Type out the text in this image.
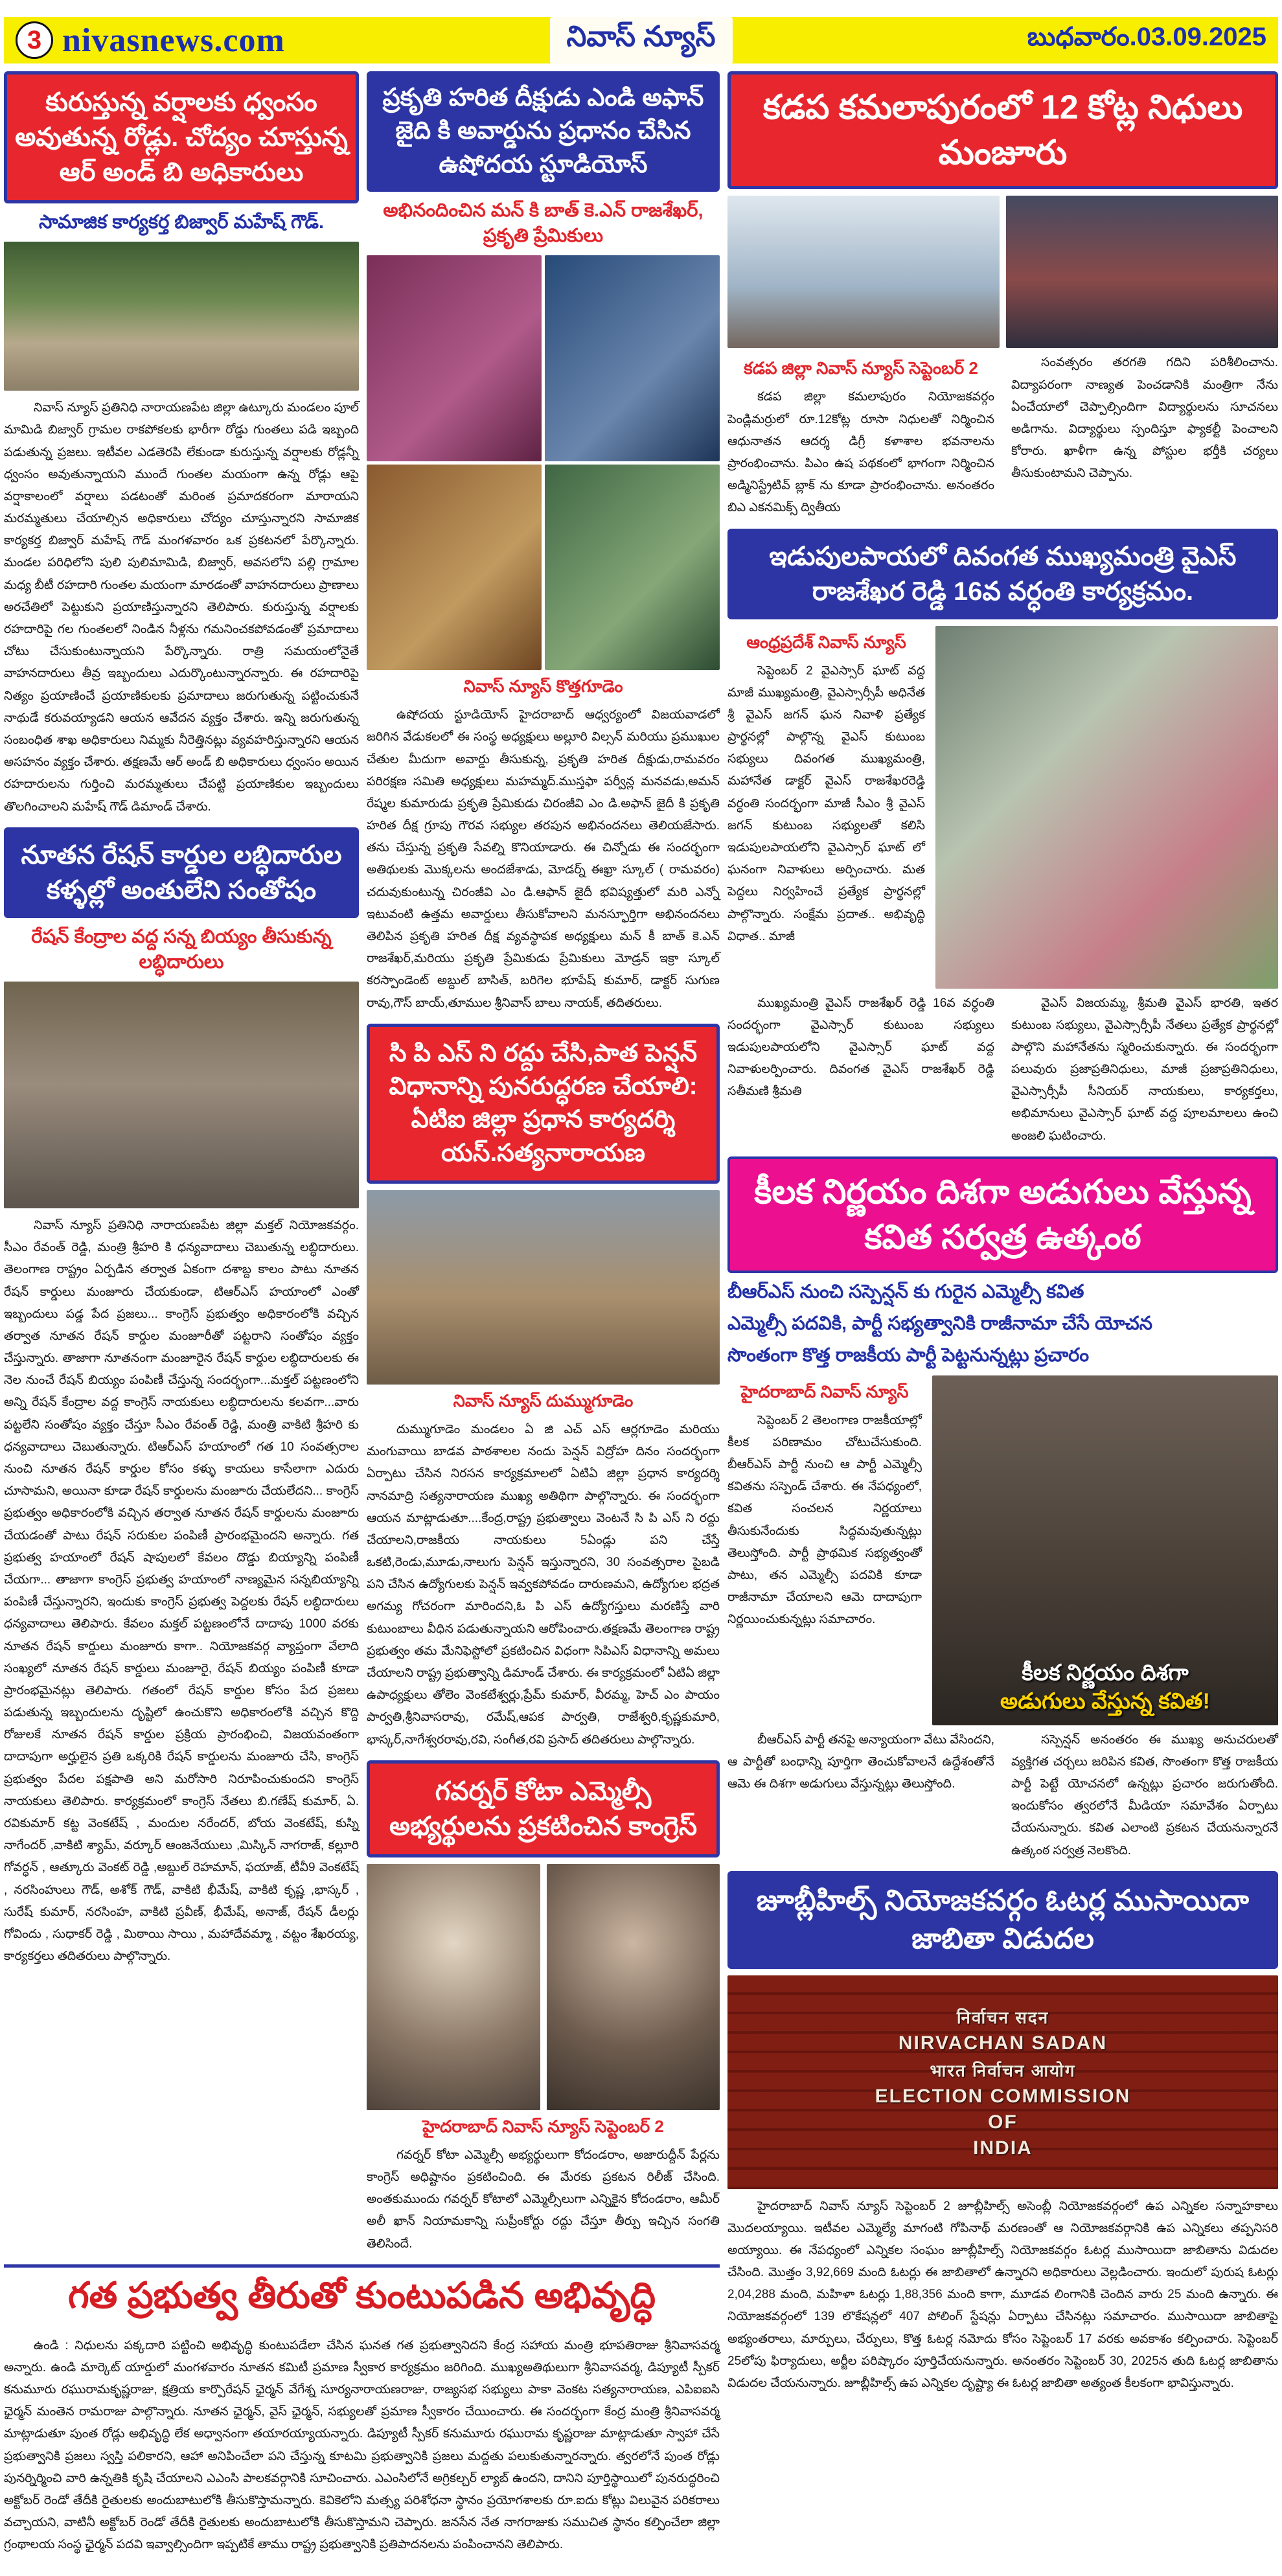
3 nivasnews.com	నివాస్ న్యూస్	బుధవారం.03.09.2025
కురుస్తున్న వర్షాలకు ధ్వంసం అవుతున్న రోడ్లు. చోద్యం చూస్తున్న ఆర్ అండ్ బి అధికారులు
సామాజిక కార్యకర్త బిజ్వార్ మహేష్ గౌడ్.

నివాస్ న్యూస్ ప్రతినిధి నారాయణపేట జిల్లా ఉట్కూరు మండలం పూల్ మామిడి బిజ్వార్ గ్రామల రాకపోకలకు భారీగా రోడ్డు గుంతలు పడి ఇబ్బంది పడుతున్న ప్రజలు. ఇటీవల ఎడతెరపి లేకుండా కురుస్తున్న వర్షాలకు రోడ్లన్నీ ధ్వంసం అవుతున్నాయని ముందే గుంతల మయంగా ఉన్న రోడ్లు ఆపై వర్షాకాలంలో వర్షాలు పడటంతో మరింత ప్రమాదకరంగా మారాయని మరమ్మతులు చేయాల్సిన అధికారులు చోద్యం చూస్తున్నారని సామాజిక కార్యకర్త బిజ్వార్ మహేష్ గౌడ్ మంగళవారం ఒక ప్రకటనలో పేర్కొన్నారు. మండల పరిధిలోని పులి పులిమామిడి, బిజ్వార్, అవసలోని పల్లి గ్రామాల మధ్య బీటీ రహదారి గుంతల మయంగా మారడంతో వాహనదారులు ప్రాణాలు అరచేతిలో పెట్టుకుని ప్రయాణిస్తున్నారని తెలిపారు. కురుస్తున్న వర్షాలకు రహదారిపై గల గుంతలలో నిండిన నీళ్లను గమనించకపోవడంతో ప్రమాదాలు చోటు చేసుకుంటున్నాయని పేర్కొన్నారు. రాత్రి సమయంలోనైతే వాహనదారులు తీవ్ర ఇబ్బందులు ఎదుర్కొంటున్నారన్నారు. ఈ రహదారిపై నిత్యం ప్రయాణించే ప్రయాణికులకు ప్రమాదాలు జరుగుతున్న పట్టించుకునే నాథుడే కరువయ్యాడని ఆయన ఆవేదన వ్యక్తం చేశారు. ఇన్ని జరుగుతున్న సంబంధిత శాఖ అధికారులు నిమ్మకు నీరెత్తినట్లు వ్యవహరిస్తున్నారని ఆయన అసహనం వ్యక్తం చేశారు. తక్షణమే ఆర్ అండ్ బి అధికారులు ధ్వంసం అయిన రహదారులను గుర్తించి మరమ్మతులు చేపట్టి ప్రయాణికుల ఇబ్బందులు తొలగించాలని మహేష్ గౌడ్ డిమాండ్ చేశారు.

నూతన రేషన్ కార్డుల లబ్ధిదారుల కళ్ళల్లో అంతులేని సంతోషం
రేషన్ కేంద్రాల వద్ద సన్న బియ్యం తీసుకున్న లబ్ధిదారులు

నివాస్ న్యూస్ ప్రతినిధి నారాయణపేట జిల్లా మక్తల్ నియోజకవర్గం. సీఎం రేవంత్ రెడ్డి, మంత్రి శ్రీహరి కి ధన్యవాదాలు చెబుతున్న లబ్ధిదారులు. తెలంగాణ రాష్ట్రం ఏర్పడిన తర్వాత ఏకంగా దశాబ్ద కాలం పాటు నూతన రేషన్ కార్డులు మంజూరు చేయకుండా, టిఆర్ఎస్ హయాంలో ఎంతో ఇబ్బందులు పడ్డ పేద ప్రజలు... కాంగ్రెస్ ప్రభుత్వం అధికారంలోకి వచ్చిన తర్వాత నూతన రేషన్ కార్డుల మంజూరీతో పట్టరాని సంతోషం వ్యక్తం చేస్తున్నారు. తాజాగా నూతనంగా మంజూరైన రేషన్ కార్డుల లబ్ధిదారులకు ఈ నెల నుంచే రేషన్ బియ్యం పంపిణీ చేస్తున్న సందర్భంగా...మక్తల్ పట్టణంలోని అన్ని రేషన్ కేంద్రాల వద్ద కాంగ్రెస్ నాయకులు లబ్ధిదారులను కలవగా...వారు పట్టలేని సంతోషం వ్యక్తం చేస్తూ సీఎం రేవంత్ రెడ్డి, మంత్రి వాకిటి శ్రీహరి కు ధన్యవాదాలు చెబుతున్నారు. టిఆర్ఎస్ హయాంలో గత 10 సంవత్సరాల నుంచి నూతన రేషన్ కార్డుల కోసం కళ్ళు కాయలు కాసేలాగా ఎదురు చూసామని, అయినా కూడా రేషన్ కార్డులను మంజూరు చేయలేదని... కాంగ్రెస్ ప్రభుత్వం అధికారంలోకి వచ్చిన తర్వాత నూతన రేషన్ కార్డులను మంజూరు చేయడంతో పాటు రేషన్ సరుకుల పంపిణీ ప్రారంభమైందని అన్నారు. గత ప్రభుత్వ హయాంలో రేషన్ షాపులలో కేవలం దొడ్డు బియ్యాన్ని పంపిణీ చేయగా... తాజాగా కాంగ్రెస్ ప్రభుత్వ హయాంలో నాణ్యమైన సన్నబియ్యాన్ని పంపిణీ చేస్తున్నారని, ఇందుకు కాంగ్రెస్ ప్రభుత్వ పెద్దలకు రేషన్ లబ్ధిదారులు ధన్యవాదాలు తెలిపారు. కేవలం మక్తల్ పట్టణంలోనే దాదాపు 1000 వరకు నూతన రేషన్ కార్డులు మంజూరు కాగా.. నియోజకవర్గ వ్యాప్తంగా వేలాది సంఖ్యలో నూతన రేషన్ కార్డులు మంజూరై, రేషన్ బియ్యం పంపిణీ కూడా ప్రారంభమైనట్లు తెలిపారు. గతంలో రేషన్ కార్డుల కోసం పేద ప్రజలు పడుతున్న ఇబ్బందులను దృష్టిలో ఉంచుకొని అధికారంలోకి వచ్చిన కొద్ది రోజులకే నూతన రేషన్ కార్డుల ప్రక్రియ ప్రారంభించి, విజయవంతంగా దాదాపుగా అర్హులైన ప్రతి ఒక్కరికి రేషన్ కార్డులను మంజూరు చేసి, కాంగ్రెస్ ప్రభుత్వం పేదల పక్షపాతి అని మరోసారి నిరూపించుకుందని కాంగ్రెస్ నాయకులు తెలిపారు. కార్యక్రమంలో కాంగ్రెస్ నేతలు బి.గణేష్ కుమార్, ఏ. రవికుమార్ కట్ట వెంకటేష్ , మందుల నరేందర్, బోయ వెంకటేష్, కుస్ని నాగేందర్ ,వాకిటి శ్యామ్, వర్కూర్ ఆంజనేయులు ,మిస్కిన్ నాగరాజ్, కల్లూరి గోవర్ధన్ , ఆత్కూరు వెంకట్ రెడ్డి ,అబ్దుల్ రెహమాన్, ఫయాజ్, టీవీ9 వెంకటేష్ , నరసింహులు గౌడ్, అశోక్ గౌడ్, వాకిటి భీమేష్, వాకిటి కృష్ణ ,భాస్కర్ , సురేష్ కుమార్, నరసింహ, వాకిటి ప్రవీణ్, భీమేష్, అనాజ్, రేషన్ డీలర్లు గోవిందు , సుధాకర్ రెడ్డి , మిఠాయి సాయి , మహాదేవమ్మా , వట్టం శేఖరయ్య, కార్యకర్తలు తదితరులు పాల్గొన్నారు.

ప్రకృతి హరిత దీక్షుడు ఎండి అఫాన్ జైది కి అవార్డును ప్రధానం చేసిన ఉషోదయ స్టూడియోస్
అభినందించిన మన్ కి బాత్ కె.ఎన్ రాజశేఖర్, ప్రకృతి ప్రేమికులు
నివాస్ న్యూస్ కొత్తగూడెం

ఉషోదయ స్టూడియోస్ హైదరాబాద్ ఆధ్వర్యంలో విజయవాడలో జరిగిన వేడుకలలో ఈ సంస్థ అధ్యక్షులు అల్లూరి విల్సన్ మరియు ప్రముఖుల చేతుల మీదుగా అవార్డు తీసుకున్న, ప్రకృతి హరిత దీక్షుడు,రామవరం పరిరక్షణ సమితి అధ్యక్షులు మహమ్మద్.ముస్తఫా పర్వీన్ల మనవడు,అమన్ రేష్మల కుమారుడు ప్రకృతి ప్రేమికుడు చిరంజీవి ఎం డి.అఫాన్ జైదీ కి ప్రకృతి హరిత దీక్ష గ్రూపు గౌరవ సభ్యుల తరపున అభినందనలు తెలియజేసారు. తను చేస్తున్న ప్రకృతి సేవల్ని కొనియాడారు. ఈ చిన్నోడు ఈ సందర్భంగా అతిథులకు మొక్కలను అందజేశాడు, మోడర్న్ ఈఖ్రా స్కూల్ ( రామవరం) చదువుకుంటున్న చిరంజీవి ఎం డి.ఆఫాన్ జైదీ భవిష్యత్తులో మరి ఎన్నో ఇటువంటి ఉత్తమ అవార్డులు తీసుకోవాలని మనస్ఫూర్తిగా అభినందనలు తెలిపిన ప్రకృతి హరిత దీక్ష వ్యవస్థాపక అధ్యక్షులు మన్ కీ బాత్ కె.ఎన్ రాజశేఖర్,మరియు ప్రకృతి ప్రేమికుడు ప్రేమికులు మోడ్రన్ ఇక్రా స్కూల్ కరస్పాండెంట్ అబ్దుల్ బాసిత్, బరిగెల భూపేష్ కుమార్, డాక్టర్ సుగుణ రావు,గౌస్ బాయ్,తూముల శ్రీనివాస్ బాలు నాయక్, తదితరులు.

సి పి ఎస్ ని రద్దు చేసి,పాత పెన్షన్ విధానాన్ని పునరుద్ధరణ చేయాలి: ఏటిఐ జిల్లా ప్రధాన కార్యదర్శి యస్.సత్యనారాయణ
నివాస్ న్యూస్ దుమ్ముగూడెం

దుమ్ముగూడెం మండలం ఏ జి ఎచ్ ఎస్ ఆర్లగూడెం మరియు మంగువాయి బాడవ పాఠశాలల నందు పెన్షన్ విద్రోహ దినం సందర్భంగా ఏర్పాటు చేసిన నిరసన కార్యక్రమాలలో ఏటిఏ జిల్లా ప్రధాన కార్యదర్శి నానమాద్రి సత్యనారాయణ ముఖ్య అతిథిగా పాల్గొన్నారు. ఈ సందర్భంగా ఆయన మాట్లాడుతూ....కేంద్ర,రాష్ట్ర ప్రభుత్వాలు వెంటనే సి పి ఎస్ ని రద్దు చేయాలని,రాజకీయ నాయకులు 5ఏండ్లు పని చేస్తే ఒకటి,రెండు,మూడు,నాలుగు పెన్షన్ ఇస్తున్నారని, 30 సంవత్సరాల పైబడి పని చేసిన ఉద్యోగులకు పెన్షన్ ఇవ్వకపోవడం దారుణమని, ఉద్యోగుల భద్రత అగమ్య గోచరంగా మారిందని,ఓ పి ఎస్ ఉద్యోగస్తులు మరణిస్తే వారి కుటుంబాలు వీధిన పడుతున్నాయని ఆరోపించారు.తక్షణమే తెలంగాణ రాష్ట్ర ప్రభుత్వం తమ మేనిఫెస్టోలో ప్రకటించిన విధంగా సిపిఎస్ విధానాన్ని అమలు చేయాలని రాష్ట్ర ప్రభుత్వాన్ని డిమాండ్ చేశారు. ఈ కార్యక్రమంలో ఏటిఏ జిల్లా ఉపాధ్యక్షులు తోలెం వెంకటేశ్వర్లు,ప్రేమ్ కుమార్, వీరమ్మ, హెచ్ ఎం పాయం పార్వతి,శ్రీనివాసరావు, రమేష్,ఆపక పార్వతి, రాజేశ్వరి,కృష్ణకుమారి, భాస్కర్,నాగేశ్వరరావు,రవి, సంగీత,రవి ప్రసాద్ తదితరులు పాల్గొన్నారు.

గవర్నర్ కోటా ఎమ్మెల్సీ అభ్యర్థులను ప్రకటించిన కాంగ్రెస్
హైదరాబాద్ నివాస్ న్యూస్ సెప్టెంబర్ 2

గవర్నర్ కోటా ఎమ్మెల్సీ అభ్యర్థులుగా కోదండరాం, అజారుద్దీన్ పేర్లను కాంగ్రెస్ అధిష్టానం ప్రకటించింది. ఈ మేరకు ప్రకటన రిలీజ్ చేసింది. అంతకుముందు గవర్నర్ కోటాలో ఎమ్మెల్సీలుగా ఎన్నికైన కోదండరాం, ఆమీర్ అలీ ఖాన్ నియామకాన్ని సుప్రీంకోర్టు రద్దు చేస్తూ తీర్పు ఇచ్చిన సంగతి తెలిసిందే.

కడప కమలాపురంలో 12 కోట్ల నిధులు మంజూరు
కడప జిల్లా నివాస్ న్యూస్ సెప్టెంబర్ 2

కడప జిల్లా కమలాపురం నియోజకవర్గం పెండ్లిమర్రులో రూ.12కోట్ల రూసా నిధులతో నిర్మించిన ఆధునాతన ఆదర్శ డిగ్రీ కళాశాల భవనాలను ప్రారంభించాను. పిఎం ఉష పథకంలో భాగంగా నిర్మించిన అడ్మినిస్ట్రేటివ్ బ్లాక్ ను కూడా ప్రారంభించాను. అనంతరం బిఎ ఎకనమిక్స్ ద్వితీయ

సంవత్సరం తరగతి గదిని పరిశీలించాను. విద్యాపరంగా నాణ్యత పెంచడానికి మంత్రిగా నేను ఏంచేయాలో చెప్పాల్సిందిగా విద్యార్థులను సూచనలు అడిగాను. విద్యార్థులు స్పందిస్తూ ఫ్యాకల్టీ పెంచాలని కోరారు. ఖాళీగా ఉన్న పోస్టుల భర్తీకి చర్యలు తీసుకుంటామని చెప్పాను.

ఇడుపులపాయలో దివంగత ముఖ్యమంత్రి వైఎస్ రాజశేఖర రెడ్డి 16వ వర్ధంతి కార్యక్రమం.
ఆంధ్రప్రదేశ్ నివాస్ న్యూస్

సెప్టెంబర్ 2 వైఎస్సార్ ఘాట్ వద్ద మాజీ ముఖ్యమంత్రి, వైఎస్సార్సీపీ అధినేత శ్రీ వైఎస్ జగన్ ఘన నివాళి ప్రత్యేక ప్రార్థనల్లో పాల్గొన్న వైఎస్ కుటుంబ సభ్యులు దివంగత ముఖ్యమంత్రి, మహానేత డాక్టర్ వైఎస్ రాజశేఖరరెడ్డి వర్ధంతి సందర్భంగా మాజీ సీఎం శ్రీ వైఎస్ జగన్ కుటుంబ సభ్యులతో కలిసి ఇడుపులపాయలోని వైఎస్సార్ ఘాట్ లో ఘనంగా నివాళులు అర్పించారు. మత పెద్దలు నిర్వహించే ప్రత్యేక ప్రార్థనల్లో పాల్గొన్నారు. సంక్షేమ ప్రదాత.. అభివృద్ధి విధాత.. మాజీ

ముఖ్యమంత్రి వైఎస్ రాజశేఖర్ రెడ్డి 16వ వర్ధంతి సందర్భంగా వైఎస్సార్ కుటుంబ సభ్యులు ఇడుపులపాయలోని వైఎస్సార్ ఘాట్ వద్ద నివాళులర్పించారు. దివంగత వైఎస్ రాజశేఖర్ రెడ్డి సతీమణి శ్రీమతి

వైఎస్ విజయమ్మ, శ్రీమతి వైఎస్ భారతి, ఇతర కుటుంబ సభ్యులు, వైఎస్సార్సీపీ నేతలు ప్రత్యేక ప్రార్థనల్లో పాల్గొని మహానేతను స్మరించుకున్నారు. ఈ సందర్భంగా పలువురు ప్రజాప్రతినిధులు, మాజీ ప్రజాప్రతినిధులు, వైఎస్సార్సీపీ సీనియర్ నాయకులు, కార్యకర్తలు, అభిమానులు వైఎస్సార్ ఘాట్ వద్ద పూలమాలలు ఉంచి అంజలి ఘటించారు.

కీలక నిర్ణయం దిశగా అడుగులు వేస్తున్న కవిత సర్వత్ర ఉత్కంఠ
బీఆర్ఎస్ నుంచి సస్పెన్షన్ కు గురైన ఎమ్మెల్సీ కవిత
ఎమ్మెల్సీ పదవికి, పార్టీ సభ్యత్వానికి రాజీనామా చేసే యోచన
సొంతంగా కొత్త రాజకీయ పార్టీ పెట్టనున్నట్లు ప్రచారం
హైదరాబాద్ నివాస్ న్యూస్

సెప్టెంబర్ 2 తెలంగాణ రాజకీయాల్లో కీలక పరిణామం చోటుచేసుకుంది. బీఆర్ఎస్ పార్టీ నుంచి ఆ పార్టీ ఎమ్మెల్సీ కవితను సస్పెండ్ చేశారు. ఈ నేపధ్యంలో, కవిత సంచలన నిర్ణయాలు తీసుకునేందుకు సిద్ధమవుతున్నట్లు తెలుస్తోంది. పార్టీ ప్రాథమిక సభ్యత్వంతో పాటు, తన ఎమ్మెల్సీ పదవికి కూడా రాజీనామా చేయాలని ఆమె దాదాపుగా నిర్ణయించుకున్నట్లు సమాచారం.

కీలక నిర్ణయం దిశగా
అడుగులు వేస్తున్న కవిత!

బీఆర్ఎస్ పార్టీ తనపై అన్యాయంగా వేటు వేసిందని, ఆ పార్టీతో బంధాన్ని పూర్తిగా తెంచుకోవాలనే ఉద్దేశంతోనే ఆమె ఈ దిశగా అడుగులు వేస్తున్నట్లు తెలుస్తోంది.

సస్పెన్షన్ అనంతరం ఈ ముఖ్య అనుచరులతో వ్యక్తిగత చర్చలు జరిపిన కవిత, సొంతంగా కొత్త రాజకీయ పార్టీ పెట్టే యోచనలో ఉన్నట్లు ప్రచారం జరుగుతోంది. ఇందుకోసం త్వరలోనే మీడియా సమావేశం ఏర్పాటు చేయనున్నారు. కవిత ఎలాంటి ప్రకటన చేయనున్నారనే ఉత్కంఠ సర్వత్ర నెలకొంది.

జూబ్లీహిల్స్ నియోజకవర్గం ఓటర్ల ముసాయిదా జాబితా విడుదల
निर्वाचन सदन
NIRVACHAN SADAN
भारत निर्वाचन आयोग
ELECTION COMMISSION
OF
INDIA

హైదరాబాద్ నివాస్ న్యూస్ సెప్టెంబర్ 2 జూబ్లీహిల్స్ అసెంబ్లీ నియోజకవర్గంలో ఉప ఎన్నికల సన్నాహకాలు మొదలయ్యాయి. ఇటీవల ఎమ్మెల్యే మాగంటి గోపినాథ్ మరణంతో ఆ నియోజకవర్గానికి ఉప ఎన్నికలు తప్పనిసరి అయ్యాయి. ఈ నేపధ్యంలో ఎన్నికల సంఘం జూబ్లీహిల్స్ నియోజకవర్గం ఓటర్ల ముసాయిదా జాబితాను విడుదల చేసింది. మొత్తం 3,92,669 మంది ఓటర్లు ఈ జాబితాలో ఉన్నారని అధికారులు వెల్లడించారు. ఇందులో పురుష ఓటర్లు 2,04,288 మంది, మహిళా ఓటర్లు 1,88,356 మంది కాగా, మూడవ లింగానికి చెందిన వారు 25 మంది ఉన్నారు. ఈ నియోజకవర్గంలో 139 లొకేషన్లలో 407 పోలింగ్ స్టేషన్లు ఏర్పాటు చేసినట్లు సమాచారం. ముసాయిదా జాబితాపై అభ్యంతరాలు, మార్పులు, చేర్పులు, కొత్త ఓటర్ల నమోదు కోసం సెప్టెంబర్ 17 వరకు అవకాశం కల్పించారు. సెప్టెంబర్ 25లోపు ఫిర్యాదులు, అర్జీల పరిష్కారం పూర్తిచేయనున్నారు. అనంతరం సెప్టెంబర్ 30, 2025న తుది ఓటర్ల జాబితాను విడుదల చేయనున్నారు. జూబ్లీహిల్స్ ఉప ఎన్నికల దృష్ట్యా ఈ ఓటర్ల జాబితా అత్యంత కీలకంగా భావిస్తున్నారు.

గత ప్రభుత్వ తీరుతో కుంటుపడిన అభివృద్ధి

ఉండి : నిధులను పక్కదారి పట్టించి అభివృద్ధి కుంటుపడేలా చేసిన ఘనత గత ప్రభుత్వానిదని కేంద్ర సహాయ మంత్రి భూపతిరాజు శ్రీనివాసవర్మ అన్నారు. ఉండి మార్కెట్ యార్డులో మంగళవారం నూతన కమిటీ ప్రమాణ స్వీకార కార్యక్రమం జరిగింది. ముఖ్యఅతిథులుగా శ్రీనివాసవర్మ, డిప్యూటీ స్పీకర్ కనుమూరు రఘురామకృష్ణరాజు, క్షత్రియ కార్పొరేషన్ ఛైర్మన్ వేగేశ్న సూర్యనారాయణరాజు, రాజ్యసభ సభ్యులు పాకా వెంకట సత్యనారాయణ, ఎపిఐఐసి ఛైర్మన్ మంతెన రామరాజు పాల్గొన్నారు. నూతన ఛైర్మన్, వైస్ ఛైర్మన్, సభ్యులతో ప్రమాణ స్వీకారం చేయించారు. ఈ సందర్భంగా కేంద్ర మంత్రి శ్రీనివాసవర్మ మాట్లాడుతూ పుంత రోడ్లు అభివృద్ధి లేక అధ్వానంగా తయారయ్యాయన్నారు. డిప్యూటీ స్పీకర్ కనుమూరు రఘురామ కృష్ణరాజు మాట్లాడుతూ స్వాహా చేసే ప్రభుత్వానికి ప్రజలు స్వస్తి పలికారని, ఆహా అనిపించేలా పని చేస్తున్న కూటమి ప్రభుత్వానికి ప్రజలు మద్దతు పలుకుతున్నారన్నారు. త్వరలోనే పుంత రోడ్లు పునర్నిర్మించి వారి ఉన్నతికి కృషి చేయాలని ఎఎంసి పాలకవర్గానికి సూచించారు. ఎఎంసిలోనే అగ్రికల్చర్ ల్యాబ్ ఉందని, దానిని పూర్తిస్థాయిలో పునరుద్ధరించి అక్టోబర్ రెండో తేదీకి రైతులకు అందుబాటులోకి తీసుకొస్తామన్నారు. కెవికెలోని మత్స్య పరిశోధనా స్థానం ప్రయోగశాలకు రూ.ఐదు కోట్లు విలువైన పరికరాలు వచ్చాయని, వాటినీ అక్టోబర్ రెండో తేదీకి రైతులకు అందుబాటులోకి తీసుకొస్తామని చెప్పారు. జనసేన నేత నాగరాజుకు సముచిత స్థానం కల్పించేలా జిల్లా గ్రంథాలయ సంస్థ ఛైర్మన్ పదవి ఇవ్వాల్సిందిగా ఇప్పటికే తాము రాష్ట్ర ప్రభుత్వానికి ప్రతిపాదనలను పంపించానని తెలిపారు.
